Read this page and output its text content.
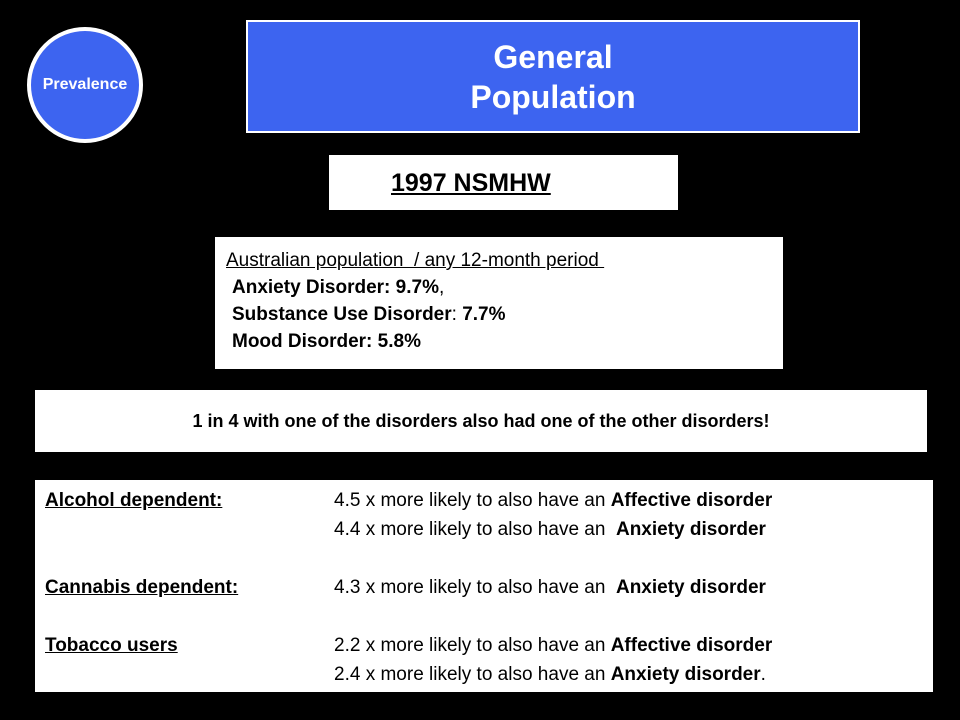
Prevalence
General
Population
1997 NSMHW
Australian population  / any 12-month period
Anxiety Disorder: 9.7%,
Substance Use Disorder: 7.7%
Mood Disorder: 5.8%
1 in 4 with one of the disorders also had one of the other disorders!
Alcohol dependent:	4.5 x more likely to also have an Affective disorder
4.4 x more likely to also have an  Anxiety disorder
Cannabis dependent:	4.3 x more likely to also have an  Anxiety disorder
Tobacco users	2.2 x more likely to also have an Affective disorder
2.4 x more likely to also have an Anxiety disorder.
